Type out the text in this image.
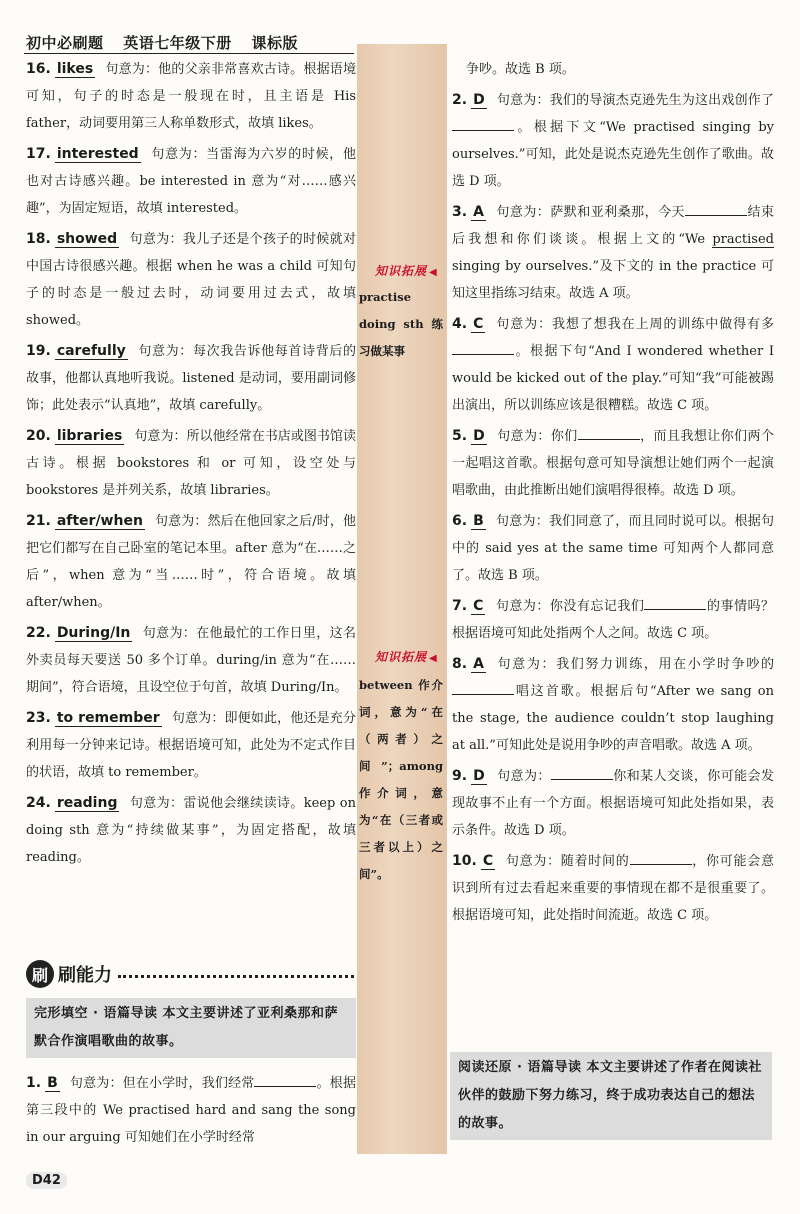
初中必刷题 英语七年级下册 课标版

16. likes 句意为：他的父亲非常喜欢古诗。根据语境可知，句子的时态是一般现在时，且主语是 His father，动词要用第三人称单数形式，故填 likes。

17. interested 句意为：当雷海为六岁的时候，他也对古诗感兴趣。be interested in 意为“对……感兴趣”，为固定短语，故填 interested。

18. showed 句意为：我儿子还是个孩子的时候就对中国古诗很感兴趣。根据 when he was a child 可知句子的时态是一般过去时，动词要用过去式，故填 showed。

19. carefully 句意为：每次我告诉他每首诗背后的故事，他都认真地听我说。listened 是动词，要用副词修饰；此处表示“认真地”，故填 carefully。

20. libraries 句意为：所以他经常在书店或图书馆读古诗。根据 bookstores 和 or 可知，设空处与 bookstores 是并列关系，故填 libraries。

21. after/when 句意为：然后在他回家之后/时，他把它们都写在自己卧室的笔记本里。after 意为“在……之后”，when 意为“当……时”，符合语境。故填 after/when。

22. During/In 句意为：在他最忙的工作日里，这名外卖员每天要送 50 多个订单。during/in 意为“在……期间”，符合语境，且设空位于句首，故填 During/In。

23. to remember 句意为：即便如此，他还是充分利用每一分钟来记诗。根据语境可知，此处为不定式作目的状语，故填 to remember。

24. reading 句意为：雷说他会继续读诗。keep on doing sth 意为“持续做某事”，为固定搭配，故填 reading。

刷 刷能力
完形填空 · 语篇导读 本文主要讲述了亚利桑那和萨默合作演唱歌曲的故事。

1. B 句意为：但在小学时，我们经常	。根据第三段中的 We practised hard and sang the song in our arguing 可知她们在小学时经常

知识拓展 ◀
practise doing sth 练习做某事
知识拓展 ◀
between 作介词，意为“在（两者）之间”；among 作介词，意为“在（三者或三者以上）之间”。

争吵。故选 B 项。

2. D 句意为：我们的导演杰克逊先生为这出戏创作了。根据下文“We practised singing by ourselves.”可知，此处是说杰克逊先生创作了歌曲。故选 D 项。

3. A 句意为：萨默和亚利桑那，今天	结束后我想和你们谈谈。根据上文的“We practised singing by ourselves.”及下文的 in the practice 可知这里指练习结束。故选 A 项。

4. C 句意为：我想了想我在上周的训练中做得有多。根据下句“And I wondered whether I would be kicked out of the play.”可知“我”可能被踢出演出，所以训练应该是很糟糕。故选 C 项。

5. D 句意为：你们	，而且我想让你们两个一起唱这首歌。根据句意可知导演想让她们两个一起演唱歌曲，由此推断出她们演唱得很棒。故选 D 项。

6. B 句意为：我们同意了，而且同时说可以。根据句中的 said yes at the same time 可知两个人都同意了。故选 B 项。

7. C 句意为：你没有忘记我们	的事情吗？根据语境可知此处指两个人之间。故选 C 项。

8. A 句意为：我们努力训练，用在小学时争吵的唱这首歌。根据后句“After we sang on the stage, the audience couldn’t stop laughing at all.”可知此处是说用争吵的声音唱歌。故选 A 项。

9. D 句意为：	你和某人交谈，你可能会发现故事不止有一个方面。根据语境可知此处指如果，表示条件。故选 D 项。

10. C 句意为：随着时间的	，你可能会意识到所有过去看起来重要的事情现在都不是很重要了。根据语境可知，此处指时间流逝。故选 C 项。

阅读还原 · 语篇导读 本文主要讲述了作者在阅读社伙伴的鼓励下努力练习，终于成功表达自己的想法的故事。
D42
